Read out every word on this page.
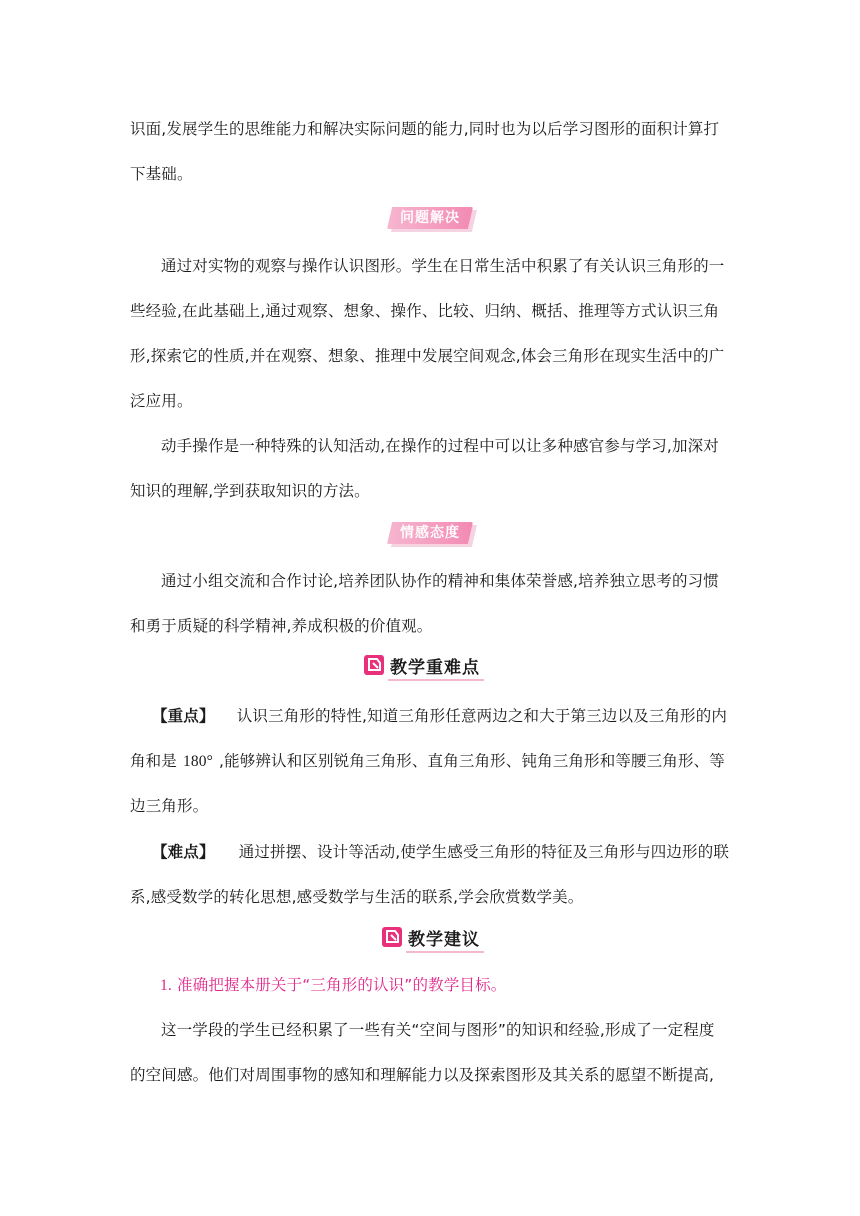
识面,发展学生的思维能力和解决实际问题的能力,同时也为以后学习图形的面积计算打
下基础。
问题解决
通过对实物的观察与操作认识图形。学生在日常生活中积累了有关认识三角形的一
些经验,在此基础上,通过观察、想象、操作、比较、归纳、概括、推理等方式认识三角
形,探索它的性质,并在观察、想象、推理中发展空间观念,体会三角形在现实生活中的广
泛应用。
动手操作是一种特殊的认知活动,在操作的过程中可以让多种感官参与学习,加深对
知识的理解,学到获取知识的方法。
情感态度
通过小组交流和合作讨论,培养团队协作的精神和集体荣誉感,培养独立思考的习惯
和勇于质疑的科学精神,养成积极的价值观。
教学重难点
【重点】 认识三角形的特性,知道三角形任意两边之和大于第三边以及三角形的内
角和是 180° ,能够辨认和区别锐角三角形、直角三角形、钝角三角形和等腰三角形、等
边三角形。
【难点】 通过拼摆、设计等活动,使学生感受三角形的特征及三角形与四边形的联
系,感受数学的转化思想,感受数学与生活的联系,学会欣赏数学美。
教学建议
1. 准确把握本册关于“三角形的认识”的教学目标。
这一学段的学生已经积累了一些有关“空间与图形”的知识和经验,形成了一定程度
的空间感。他们对周围事物的感知和理解能力以及探索图形及其关系的愿望不断提高,
